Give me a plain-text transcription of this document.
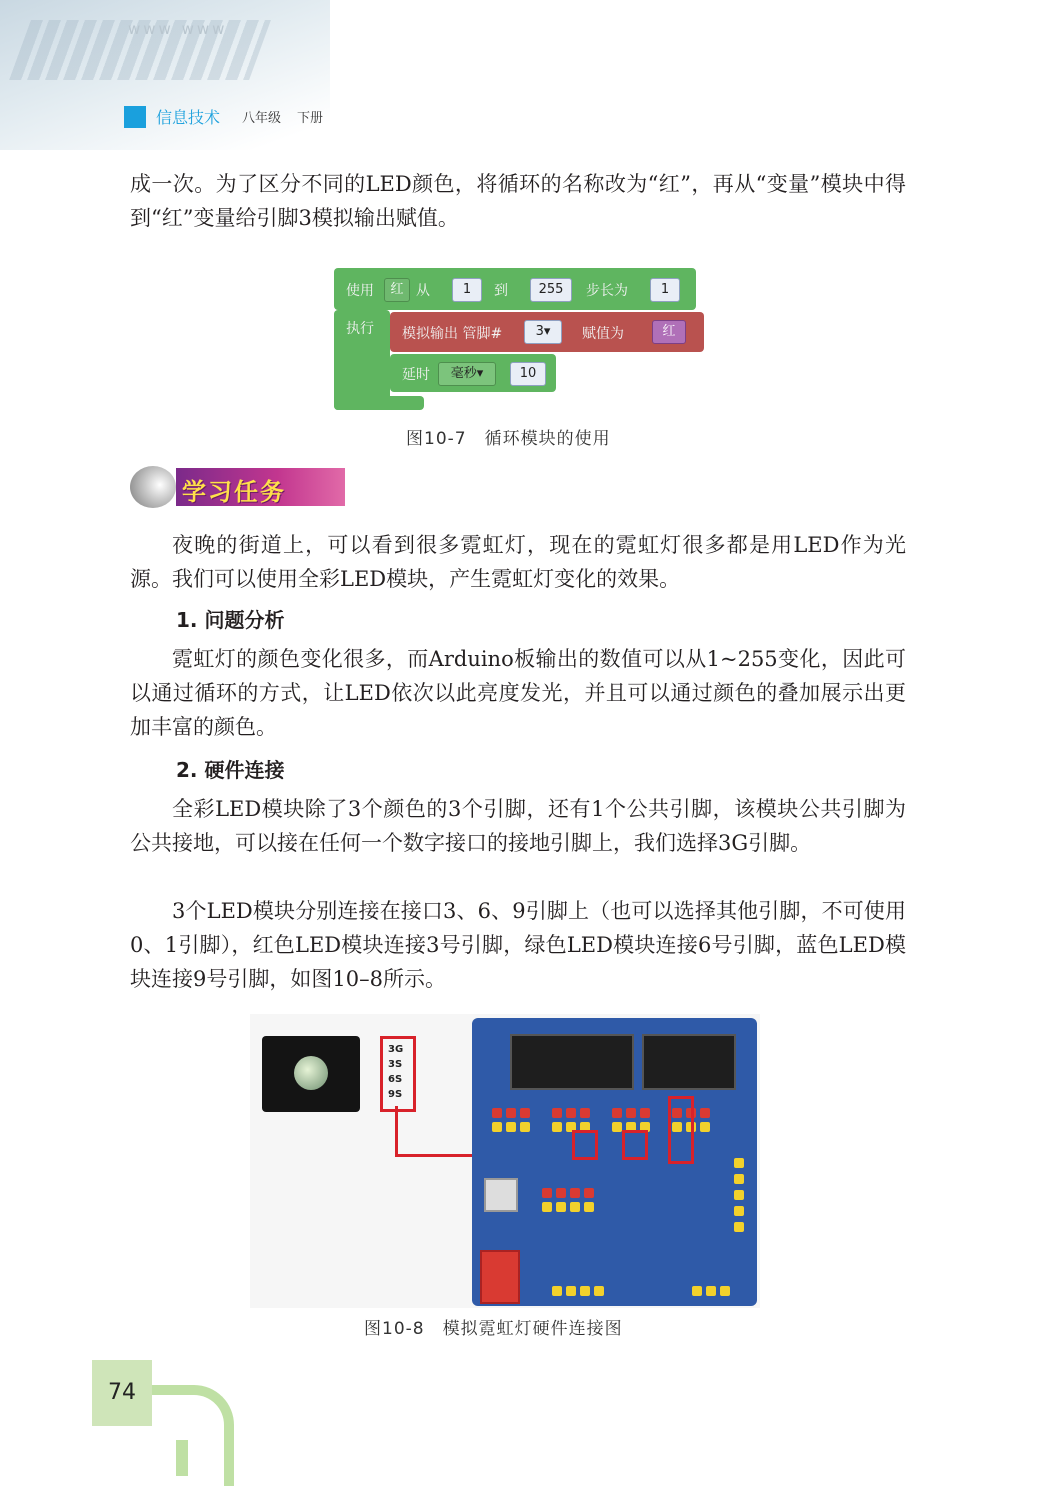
www www
信息技术 八年级 下册
成一次。为了区分不同的LED颜色，将循环的名称改为“红”，再从“变量”模块中得到“红”变量给引脚3模拟输出赋值。
使用	红 从	1	到	255	步长为	1
执行 模拟输出 管脚#	3▾	赋值为	红
延时	毫秒▾	10
图10-7　循环模块的使用
学习任务
夜晚的街道上，可以看到很多霓虹灯，现在的霓虹灯很多都是用LED作为光源。我们可以使用全彩LED模块，产生霓虹灯变化的效果。
1. 问题分析
霓虹灯的颜色变化很多，而Arduino板输出的数值可以从1~255变化，因此可以通过循环的方式，让LED依次以此亮度发光，并且可以通过颜色的叠加展示出更加丰富的颜色。
2. 硬件连接
全彩LED模块除了3个颜色的3个引脚，还有1个公共引脚，该模块公共引脚为公共接地，可以接在任何一个数字接口的接地引脚上，我们选择3G引脚。
3个LED模块分别连接在接口3、6、9引脚上（也可以选择其他引脚，不可使用0、1引脚），红色LED模块连接3号引脚，绿色LED模块连接6号引脚，蓝色LED模块连接9号引脚，如图10–8所示。
3G
3S
6S
9S
图10-8　模拟霓虹灯硬件连接图
74
